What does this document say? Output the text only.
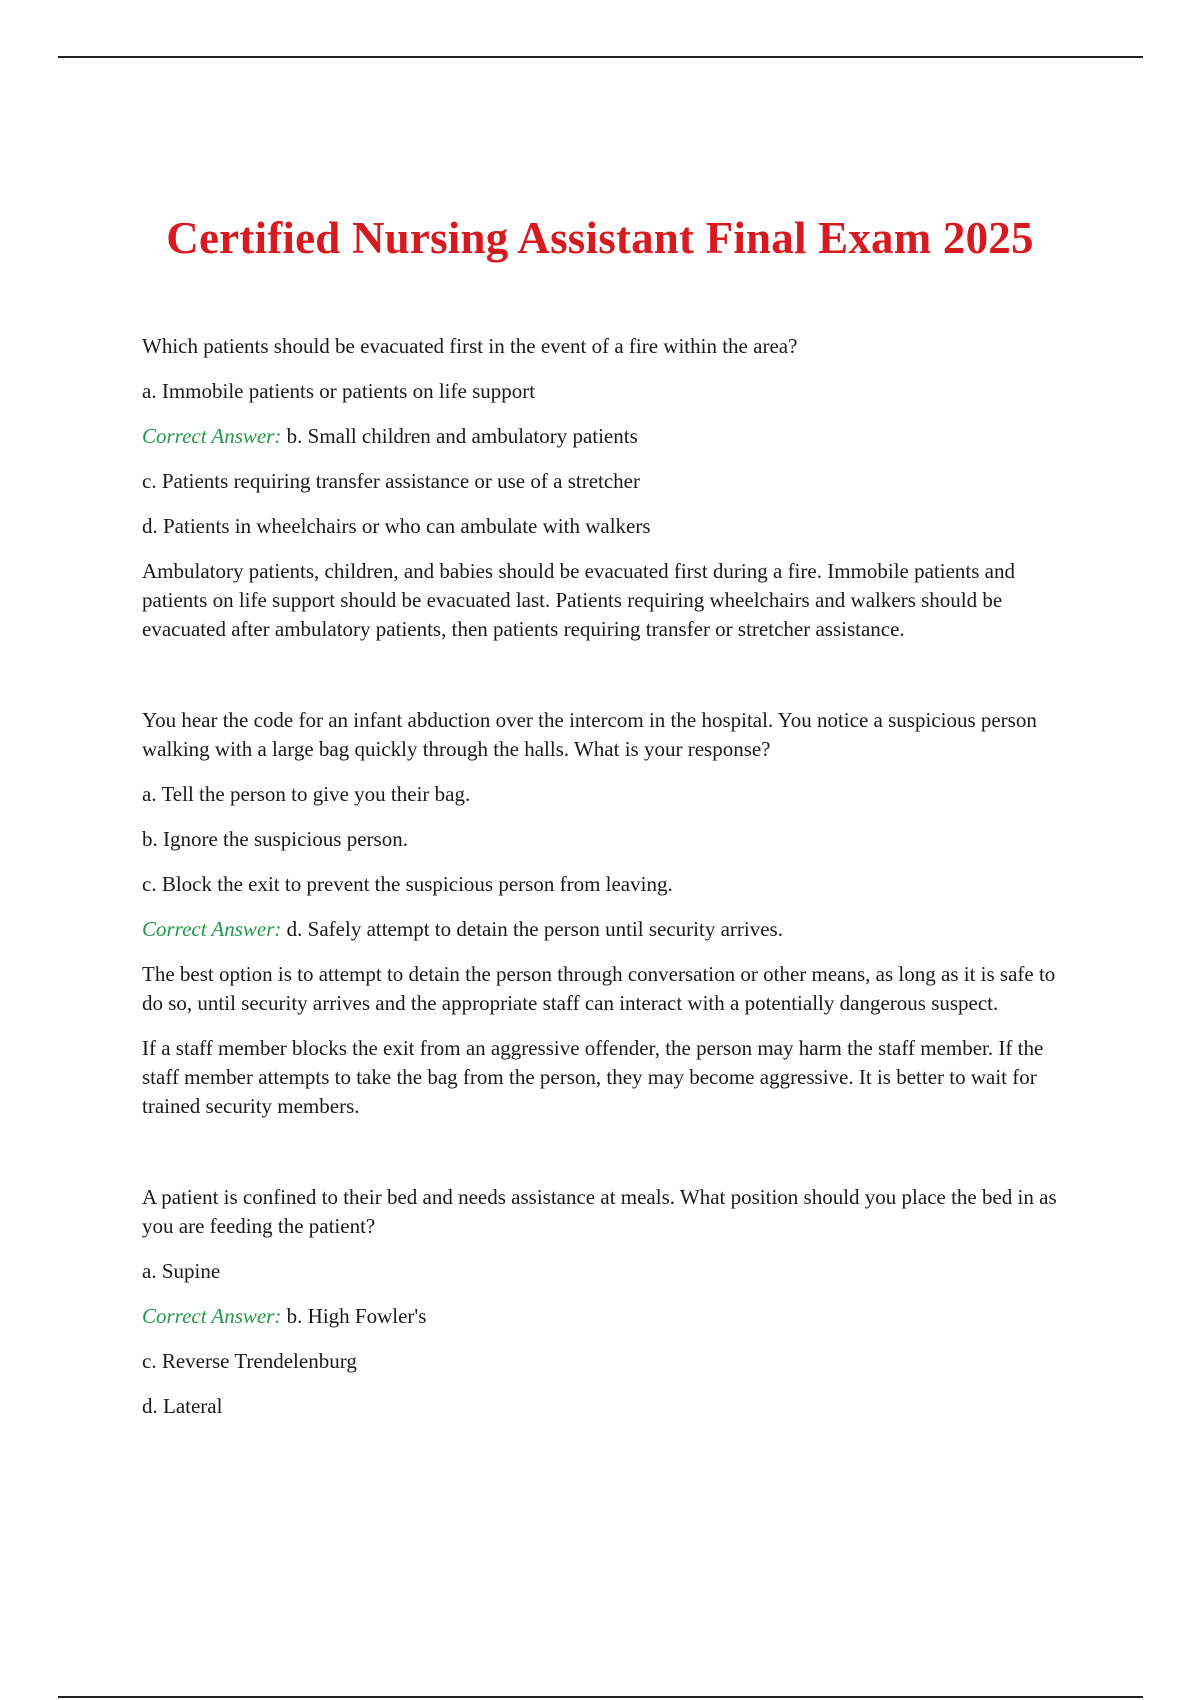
Certified Nursing Assistant Final Exam 2025

Which patients should be evacuated first in the event of a fire within the area?

a. Immobile patients or patients on life support

Correct Answer: b. Small children and ambulatory patients

c. Patients requiring transfer assistance or use of a stretcher

d. Patients in wheelchairs or who can ambulate with walkers

Ambulatory patients, children, and babies should be evacuated first during a fire. Immobile patients and patients on life support should be evacuated last. Patients requiring wheelchairs and walkers should be evacuated after ambulatory patients, then patients requiring transfer or stretcher assistance.

You hear the code for an infant abduction over the intercom in the hospital. You notice a suspicious person walking with a large bag quickly through the halls. What is your response?

a. Tell the person to give you their bag.

b. Ignore the suspicious person.

c. Block the exit to prevent the suspicious person from leaving.

Correct Answer: d. Safely attempt to detain the person until security arrives.

The best option is to attempt to detain the person through conversation or other means, as long as it is safe to do so, until security arrives and the appropriate staff can interact with a potentially dangerous suspect.

If a staff member blocks the exit from an aggressive offender, the person may harm the staff member. If the staff member attempts to take the bag from the person, they may become aggressive. It is better to wait for trained security members.

A patient is confined to their bed and needs assistance at meals. What position should you place the bed in as you are feeding the patient?

a. Supine

Correct Answer: b. High Fowler's

c. Reverse Trendelenburg

d. Lateral
